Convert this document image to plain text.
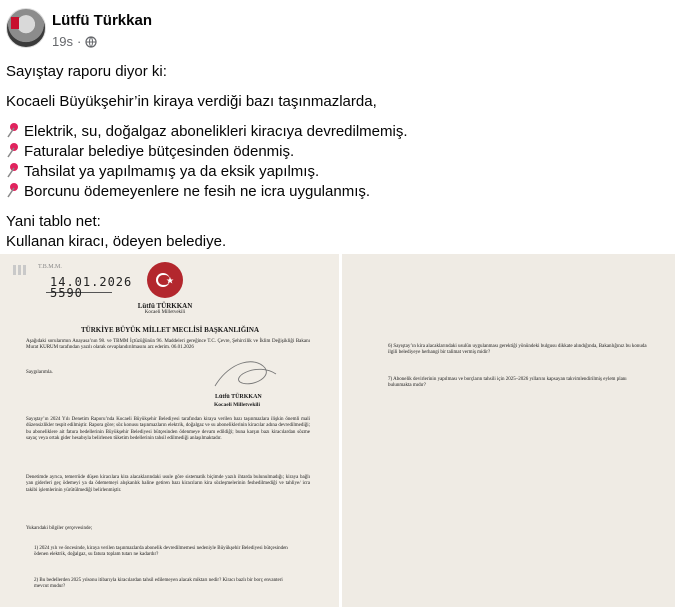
Lütfü Türkkan
19s ·

Sayıştay raporu diyor ki:

Kocaeli Büyükşehir’in kiraya verdiği bazı taşınmazlarda,

Elektrik, su, doğalgaz abonelikleri kiracıya devredilmemiş.

Faturalar belediye bütçesinden ödenmiş.

Tahsilat ya yapılmamış ya da eksik yapılmış.

Borcunu ödemeyenlere ne fesih ne icra uygulanmış.

Yani tablo net:

Kullanan kiracı, ödeyen belediye.

T.B.M.M.
14.01.2026
5590
Lütfü TÜRKKAN
Kocaeli Milletvekili
TÜRKİYE BÜYÜK MİLLET MECLİSİ BAŞKANLIĞINA
Aşağıdaki sorularımın Anayasa’nın 98. ve TBMM İçtüzüğünün 96. Maddeleri gereğince T.C. Çevre, Şehircilik ve İklim Değişikliği Bakanı Murat KURUM tarafından yazılı olarak cevaplandırılmasını arz ederim. 06.01.2026
Saygılarımla.
Lütfü TÜRKKAN
Kocaeli Milletvekili
Sayıştay’ın 2024 Yılı Denetim Raporu’nda Kocaeli Büyükşehir Belediyesi tarafından kiraya verilen bazı taşınmazlara ilişkin önemli mali düzensizlikler tespit edilmiştir. Rapora göre; söz konusu taşınmazların elektrik, doğalgaz ve su aboneliklerinin kiracılar adına devredilmediği; bu aboneliklere ait fatura bedellerinin Büyükşehir Belediyesi bütçesinden ödenmeye devam edildiği; buna karşın bazı kiracılardan sözme sayaç veya ortak gider hesabıyla belirlenen tüketim bedellerinin tahsil edilmediği anlaşılmaktadır.
Denetimde ayrıca, temerrüde düşen kiracılara kira alacaklarındaki usule göre sistematik biçimde yazılı ihtarda bulunulmadığı; kiraya bağlı yan giderleri geç ödemeyi ya da ödememeyi alışkanlık haline getiren bazı kiracıların kira sözleşmelerinin feshedilmediği ve tahliye/ icra takibi işlemlerinin yürütülmediği belirlenmiştir.
Yukarıdaki bilgiler çerçevesinde;
1) 2024 yılı ve öncesinde, kiraya verilen taşınmazlarda abonelik devredilmemesi nedeniyle Büyükşehir Belediyesi bütçesinden ödenen elektrik, doğalgaz, su fatura toplam tutarı ne kadardır?
2) Bu bedellerden 2025 yılsonu itibarıyla kiracılardan tahsil edilemeyen alacak miktarı nedir? Kiracı bazlı bir borç envanteri mevcut mudur?
6) Sayıştay’ın kira alacaklarındaki usulün uygulanması gerektiği yönündeki bulgusu dikkate alındığında, Bakanlığınız bu konuda ilgili belediyeye herhangi bir talimat vermiş midir?
7) Abonelik devirlerinin yapılması ve borçların tahsili için 2025–2026 yıllarını kapsayan takvimlendirilmiş eylem planı bulunmakta mıdır?
